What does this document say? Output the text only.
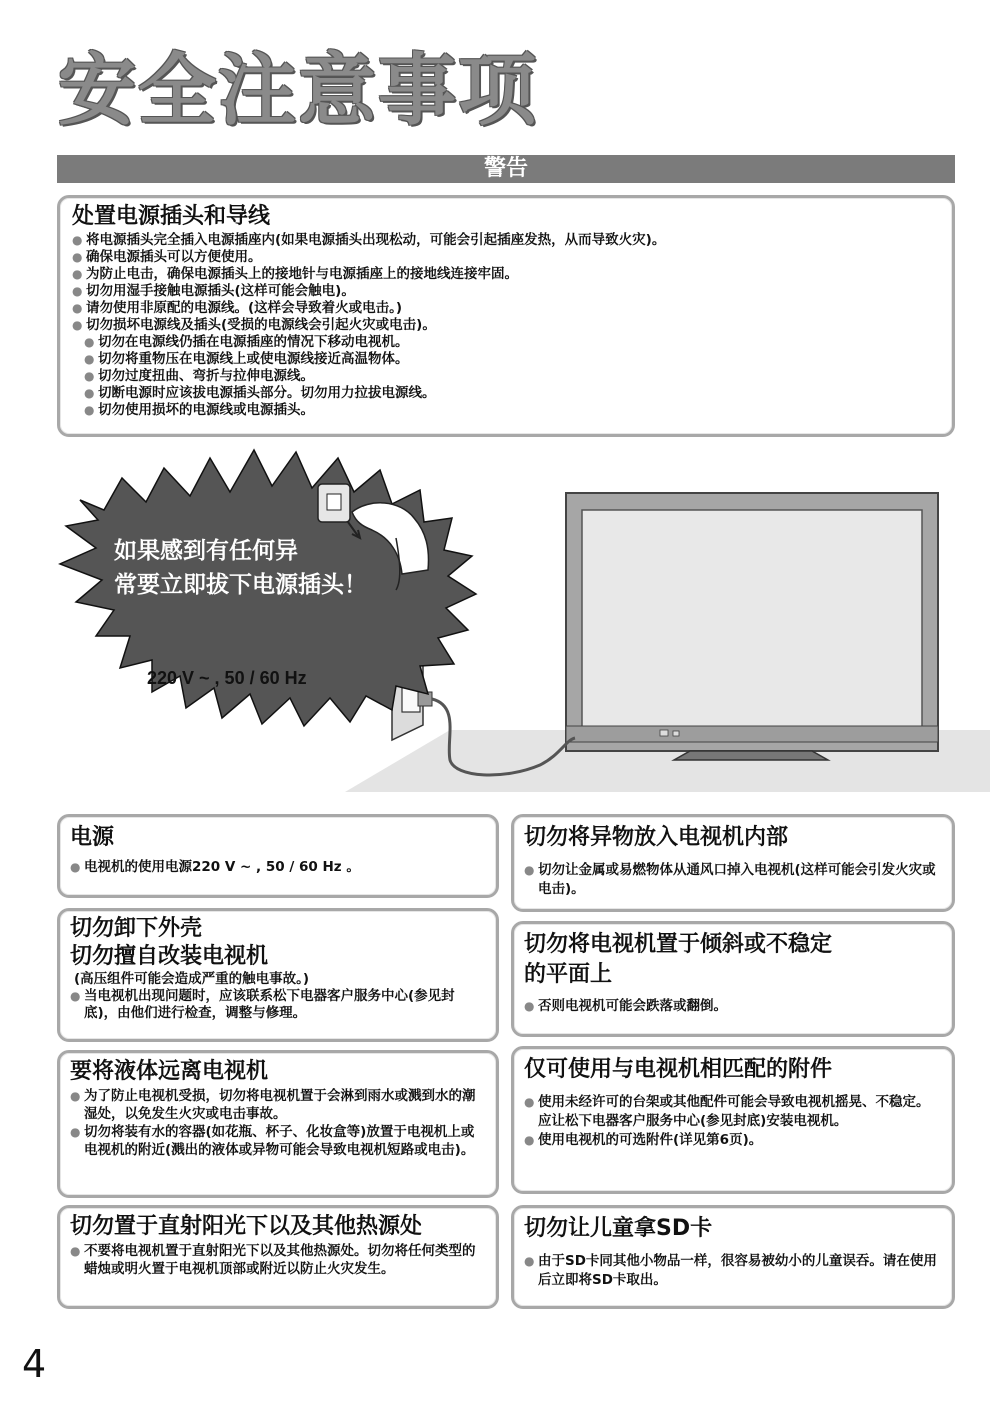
安全注意事项
警告
处置电源插头和导线
● 将电源插头完全插入电源插座内(如果电源插头出现松动，可能会引起插座发热，从而导致火灾)。
● 确保电源插头可以方便使用。
● 为防止电击，确保电源插头上的接地针与电源插座上的接地线连接牢固。
● 切勿用湿手接触电源插头(这样可能会触电)。
● 请勿使用非原配的电源线。(这样会导致着火或电击。)
● 切勿损坏电源线及插头(受损的电源线会引起火灾或电击)。
● 切勿在电源线仍插在电源插座的情况下移动电视机。
● 切勿将重物压在电源线上或使电源线接近高温物体。
● 切勿过度扭曲、弯折与拉伸电源线。
● 切断电源时应该拔电源插头部分。切勿用力拉拔电源线。
● 切勿使用损坏的电源线或电源插头。
如果感到有任何异
常要立即拔下电源插头！
220 V ~ , 50 / 60 Hz
电源
● 电视机的使用电源220 V ~ , 50 / 60 Hz 。
切勿卸下外壳
切勿擅自改装电视机
(高压组件可能会造成严重的触电事故。)
● 当电视机出现问题时，应该联系松下电器客户服务中心(参见封底)，由他们进行检查，调整与修理。
要将液体远离电视机
● 为了防止电视机受损，切勿将电视机置于会淋到雨水或溅到水的潮湿处，以免发生火灾或电击事故。
● 切勿将装有水的容器(如花瓶、杯子、化妆盒等)放置于电视机上或电视机的附近(溅出的液体或异物可能会导致电视机短路或电击)。
切勿置于直射阳光下以及其他热源处
● 不要将电视机置于直射阳光下以及其他热源处。切勿将任何类型的蜡烛或明火置于电视机顶部或附近以防止火灾发生。
切勿将异物放入电视机内部
● 切勿让金属或易燃物体从通风口掉入电视机(这样可能会引发火灾或电击)。
切勿将电视机置于倾斜或不稳定
的平面上
● 否则电视机可能会跌落或翻倒。
仅可使用与电视机相匹配的附件
● 使用未经许可的台架或其他配件可能会导致电视机摇晃、不稳定。应让松下电器客户服务中心(参见封底)安装电视机。
● 使用电视机的可选附件(详见第6页)。
切勿让儿童拿SD卡
● 由于SD卡同其他小物品一样，很容易被幼小的儿童误吞。请在使用后立即将SD卡取出。
4
